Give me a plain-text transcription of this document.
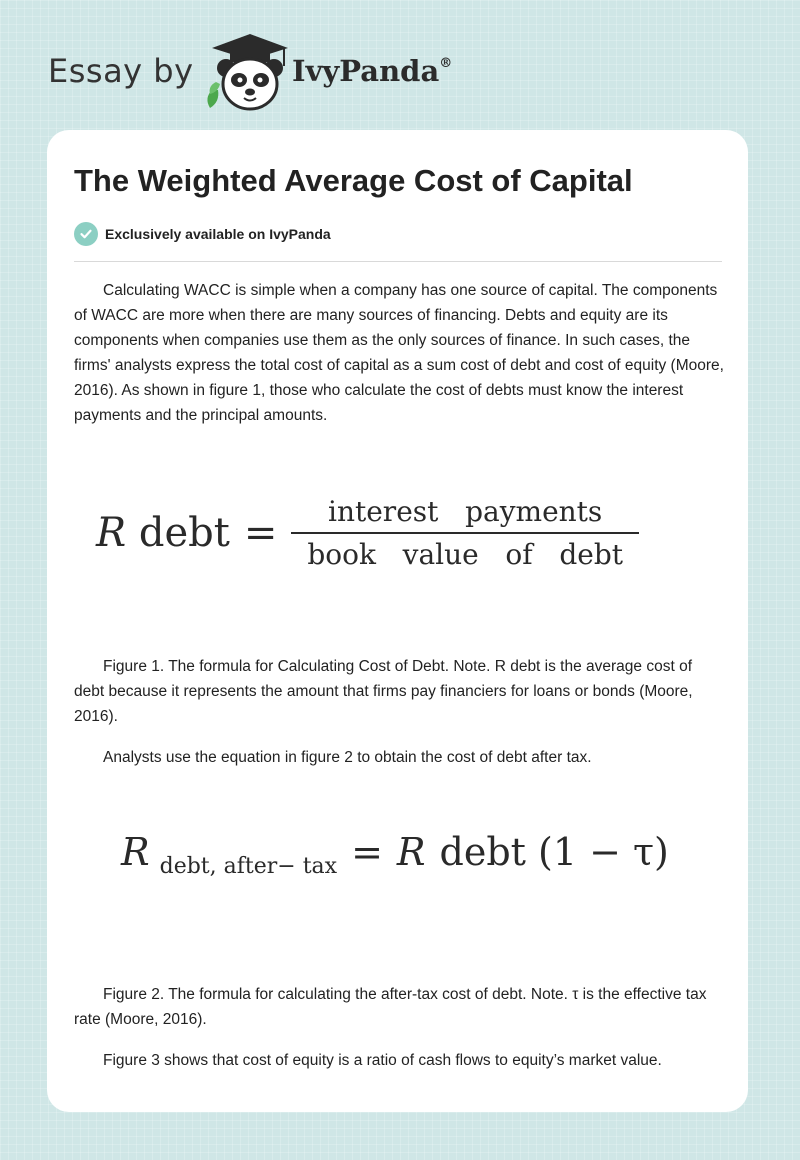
Essay by	IvyPanda®
The Weighted Average Cost of Capital
Exclusively available on IvyPanda

Calculating WACC is simple when a company has one source of capital. The components of WACC are more when there are many sources of financing. Debts and equity are its components when companies use them as the only sources of finance. In such cases, the firms' analysts express the total cost of capital as a sum cost of debt and cost of equity (Moore, 2016). As shown in figure 1, those who calculate the cost of debts must know the interest payments and the principal amounts.

R debt = $\frac{\text{interest   payments}}{\text{book   value   of   debt}}$

Figure 1. The formula for Calculating Cost of Debt. Note. R debt is the average cost of debt because it represents the amount that firms pay financiers for loans or bonds (Moore, 2016).

Analysts use the equation in figure 2 to obtain the cost of debt after tax.

R debt, after− tax = R debt (1 − τ)

Figure 2. The formula for calculating the after-tax cost of debt. Note. τ is the effective tax rate (Moore, 2016).

Figure 3 shows that cost of equity is a ratio of cash flows to equity’s market value.
